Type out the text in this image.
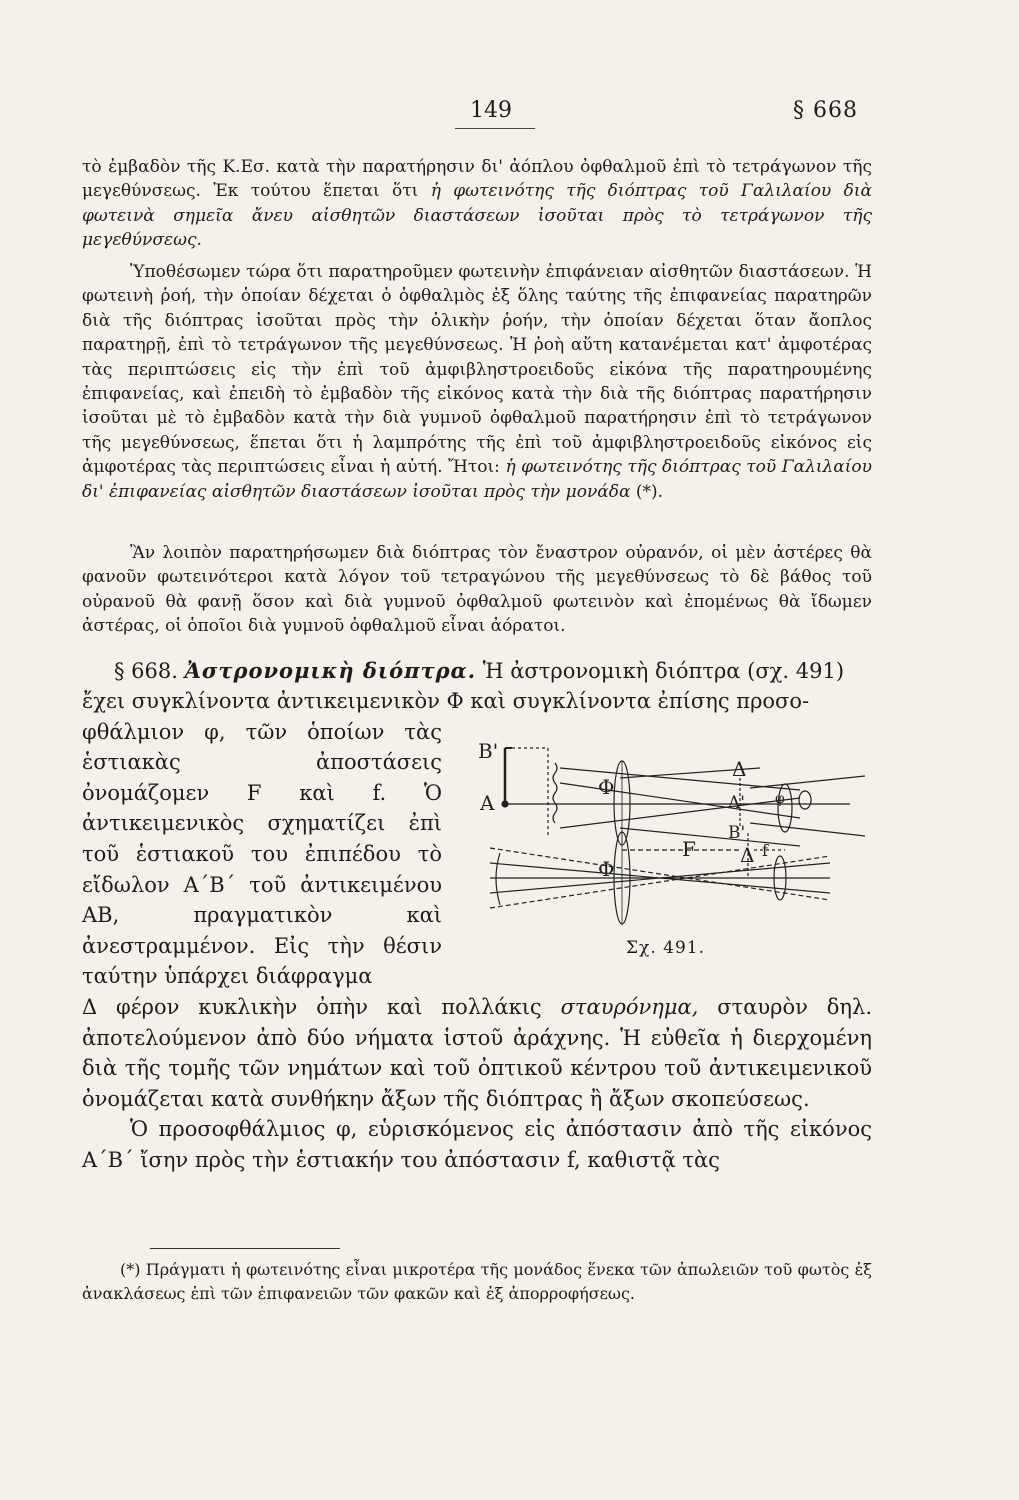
149	§ 668

τὸ ἐμβαδὸν τῆς Κ.Εσ. κατὰ τὴν παρατήρησιν δι' ἀόπλου ὀφθαλμοῦ ἐπὶ τὸ τετράγωνον τῆς μεγεθύνσεως. Ἐκ τούτου ἕπεται ὅτι ἡ φωτεινότης τῆς διόπτρας τοῦ Γαλιλαίου διὰ φωτεινὰ σημεῖα ἄνευ αἰσθητῶν διαστάσεων ἰσοῦται πρὸς τὸ τετράγωνον τῆς μεγεθύνσεως.

Ὑποθέσωμεν τώρα ὅτι παρατηροῦμεν φωτεινὴν ἐπιφάνειαν αἰσθητῶν διαστάσεων. Ἡ φωτεινὴ ῥοή, τὴν ὁποίαν δέχεται ὁ ὀφθαλμὸς ἐξ ὅλης ταύτης τῆς ἐπιφανείας παρατηρῶν διὰ τῆς διόπτρας ἰσοῦται πρὸς τὴν ὁλικὴν ῥοήν, τὴν ὁποίαν δέχεται ὅταν ἄοπλος παρατηρῇ, ἐπὶ τὸ τετράγωνον τῆς μεγεθύνσεως. Ἡ ῥοὴ αὕτη κατανέμεται κατ' ἀμφοτέρας τὰς περιπτώσεις εἰς τὴν ἐπὶ τοῦ ἀμφιβληστροειδοῦς εἰκόνα τῆς παρατηρουμένης ἐπιφανείας, καὶ ἐπειδὴ τὸ ἐμβαδὸν τῆς εἰκόνος κατὰ τὴν διὰ τῆς διόπτρας παρατήρησιν ἰσοῦται μὲ τὸ ἐμβαδὸν κατὰ τὴν διὰ γυμνοῦ ὀφθαλμοῦ παρατήρησιν ἐπὶ τὸ τετράγωνον τῆς μεγεθύνσεως, ἕπεται ὅτι ἡ λαμπρότης τῆς ἐπὶ τοῦ ἀμφιβληστροειδοῦς εἰκόνος εἰς ἀμφοτέρας τὰς περιπτώσεις εἶναι ἡ αὐτή. Ἤτοι: ἡ φωτεινότης τῆς διόπτρας τοῦ Γαλιλαίου δι' ἐπιφανείας αἰσθητῶν διαστάσεων ἰσοῦται πρὸς τὴν μονάδα (*).

Ἂν λοιπὸν παρατηρήσωμεν διὰ διόπτρας τὸν ἔναστρον οὐρανόν, οἱ μὲν ἀστέρες θὰ φανοῦν φωτεινότεροι κατὰ λόγον τοῦ τετραγώνου τῆς μεγεθύνσεως τὸ δὲ βάθος τοῦ οὐρανοῦ θὰ φανῇ ὅσον καὶ διὰ γυμνοῦ ὀφθαλμοῦ φωτεινὸν καὶ ἐπομένως θὰ ἴδωμεν ἀστέρας, οἱ ὁποῖοι διὰ γυμνοῦ ὀφθαλμοῦ εἶναι ἀόρατοι.

§ 668. Ἀστρονομικὴ διόπτρα. Ἡ ἀστρονομικὴ διόπτρα (σχ. 491)

ἔχει συγκλίνοντα ἀντικειμενικὸν Φ καὶ συγκλίνοντα ἐπίσης προσο-

φθάλμιον φ, τῶν ὁποίων τὰς ἑστιακὰς ἀποστάσεις ὀνομάζομεν F καὶ f. Ὁ ἀντικειμενικὸς σχηματίζει ἐπὶ τοῦ ἑστιακοῦ του ἐπιπέδου τὸ εἴδωλον Α΄Β΄ τοῦ ἀντικειμένου ΑΒ, πραγματικὸν καὶ ἀνεστραμμένον. Εἰς τὴν θέσιν ταύτην ὑπάρχει διάφραγμα

B'
A
Φ
Φ
F	f
Δ
Δ
A'
B'
φ
Σχ. 491.

Δ φέρον κυκλικὴν ὀπὴν καὶ πολλάκις σταυρόνημα, σταυρὸν δηλ. ἀποτελούμενον ἀπὸ δύο νήματα ἱστοῦ ἀράχνης. Ἡ εὐθεῖα ἡ διερχομένη διὰ τῆς τομῆς τῶν νημάτων καὶ τοῦ ὀπτικοῦ κέντρου τοῦ ἀντικειμενικοῦ ὀνομάζεται κατὰ συνθήκην ἄξων τῆς διόπτρας ἢ ἄξων σκοπεύσεως.

Ὁ προσοφθάλμιος φ, εὑρισκόμενος εἰς ἀπόστασιν ἀπὸ τῆς εἰκόνος Α΄Β΄ ἴσην πρὸς τὴν ἑστιακήν του ἀπόστασιν f, καθιστᾷ τὰς

(*) Πράγματι ἡ φωτεινότης εἶναι μικροτέρα τῆς μονάδος ἕνεκα τῶν ἀπωλειῶν τοῦ φωτὸς ἐξ ἀνακλάσεως ἐπὶ τῶν ἐπιφανειῶν τῶν φακῶν καὶ ἐξ ἀπορροφήσεως.
